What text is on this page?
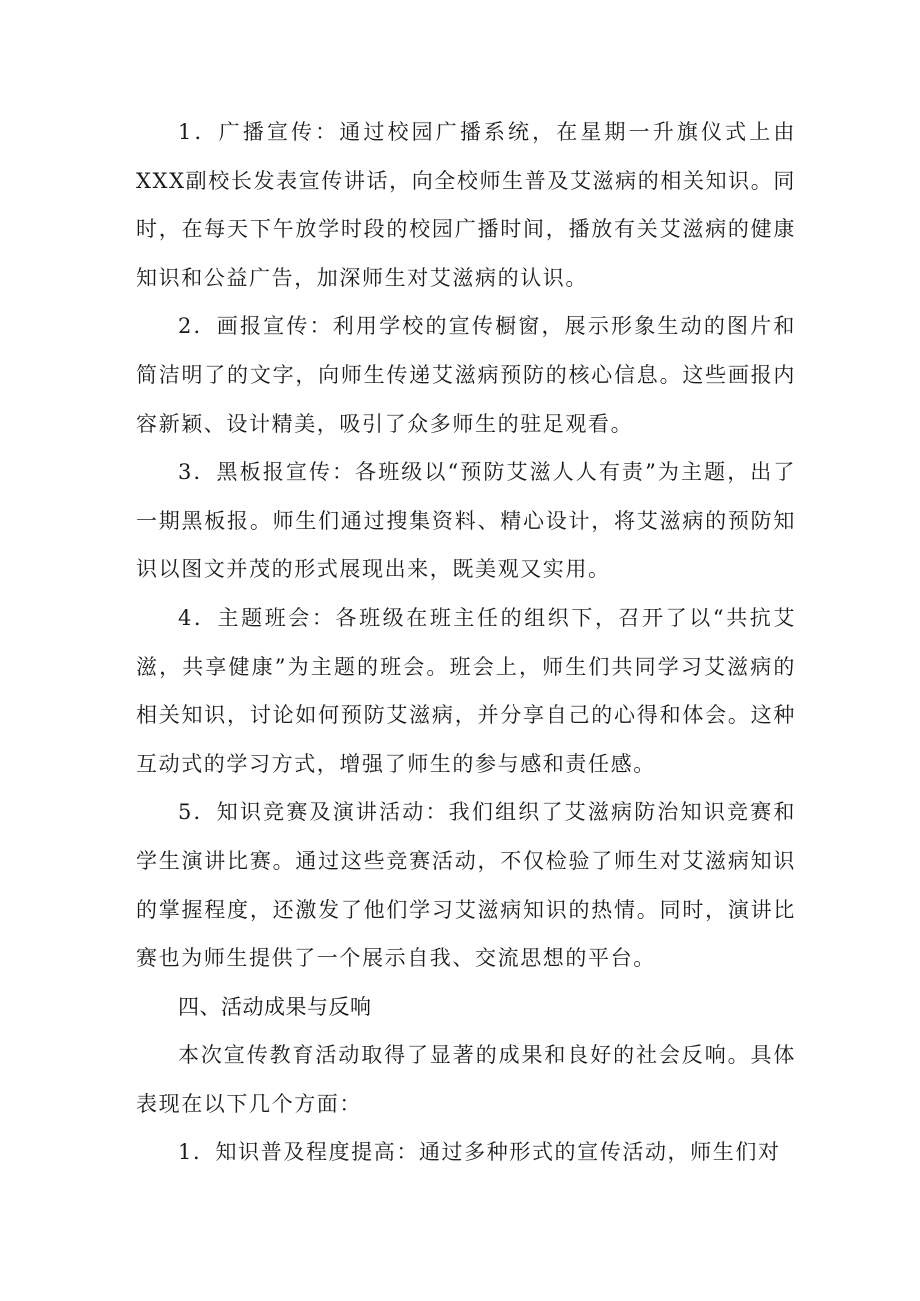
1．广播宣传：通过校园广播系统，在星期一升旗仪式上由XXX副校长发表宣传讲话，向全校师生普及艾滋病的相关知识。同时，在每天下午放学时段的校园广播时间，播放有关艾滋病的健康知识和公益广告，加深师生对艾滋病的认识。

2．画报宣传：利用学校的宣传橱窗，展示形象生动的图片和简洁明了的文字，向师生传递艾滋病预防的核心信息。这些画报内容新颖、设计精美，吸引了众多师生的驻足观看。

3．黑板报宣传：各班级以“预防艾滋人人有责”为主题，出了一期黑板报。师生们通过搜集资料、精心设计，将艾滋病的预防知识以图文并茂的形式展现出来，既美观又实用。

4．主题班会：各班级在班主任的组织下，召开了以“共抗艾滋，共享健康”为主题的班会。班会上，师生们共同学习艾滋病的相关知识，讨论如何预防艾滋病，并分享自己的心得和体会。这种互动式的学习方式，增强了师生的参与感和责任感。

5．知识竞赛及演讲活动：我们组织了艾滋病防治知识竞赛和学生演讲比赛。通过这些竞赛活动，不仅检验了师生对艾滋病知识的掌握程度，还激发了他们学习艾滋病知识的热情。同时，演讲比赛也为师生提供了一个展示自我、交流思想的平台。

四、活动成果与反响

本次宣传教育活动取得了显著的成果和良好的社会反响。具体表现在以下几个方面：

1．知识普及程度提高：通过多种形式的宣传活动，师生们对
